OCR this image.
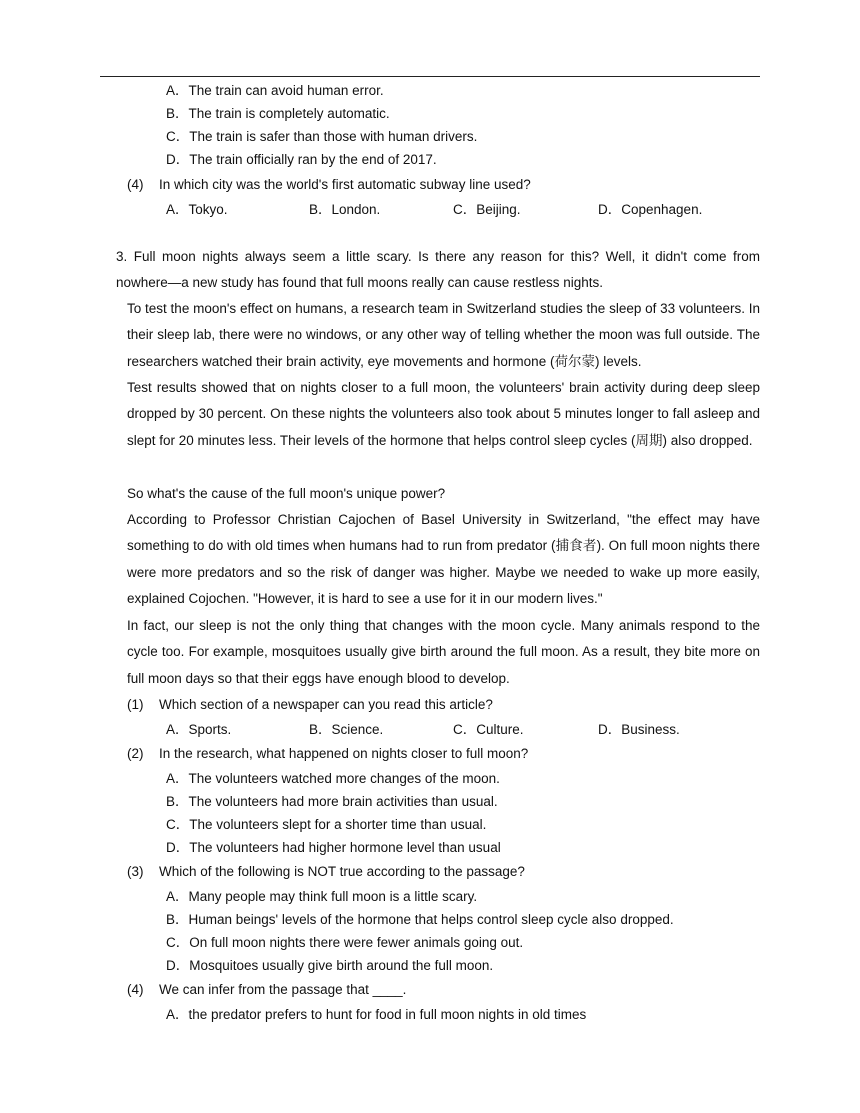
A．The train can avoid human error.
B．The train is completely automatic.
C．The train is safer than those with human drivers.
D．The train officially ran by the end of 2017.
(4) In which city was the world's first automatic subway line used?
A．Tokyo.	B．London.	C．Beijing.	D．Copenhagen.

3. Full moon nights always seem a little scary. Is there any reason for this? Well, it didn't come from nowhere—a new study has found that full moons really can cause restless nights.

To test the moon's effect on humans, a research team in Switzerland studies the sleep of 33 volunteers. In their sleep lab, there were no windows, or any other way of telling whether the moon was full outside. The researchers watched their brain activity, eye movements and hormone (荷尔蒙) levels.

Test results showed that on nights closer to a full moon, the volunteers' brain activity during deep sleep dropped by 30 percent. On these nights the volunteers also took about 5 minutes longer to fall asleep and slept for 20 minutes less. Their levels of the hormone that helps control sleep cycles (周期) also dropped.

So what's the cause of the full moon's unique power?

According to Professor Christian Cajochen of Basel University in Switzerland, "the effect may have something to do with old times when humans had to run from predator (捕食者). On full moon nights there were more predators and so the risk of danger was higher. Maybe we needed to wake up more easily, explained Cojochen. "However, it is hard to see a use for it in our modern lives."

In fact, our sleep is not the only thing that changes with the moon cycle. Many animals respond to the cycle too. For example, mosquitoes usually give birth around the full moon. As a result, they bite more on full moon days so that their eggs have enough blood to develop.

(1) Which section of a newspaper can you read this article?
A．Sports.	B．Science.	C．Culture.	D．Business.
(2) In the research, what happened on nights closer to full moon?
A．The volunteers watched more changes of the moon.
B．The volunteers had more brain activities than usual.
C．The volunteers slept for a shorter time than usual.
D．The volunteers had higher hormone level than usual
(3) Which of the following is NOT true according to the passage?
A．Many people may think full moon is a little scary.
B．Human beings' levels of the hormone that helps control sleep cycle also dropped.
C．On full moon nights there were fewer animals going out.
D．Mosquitoes usually give birth around the full moon.
(4) We can infer from the passage that ____.
A．the predator prefers to hunt for food in full moon nights in old times
